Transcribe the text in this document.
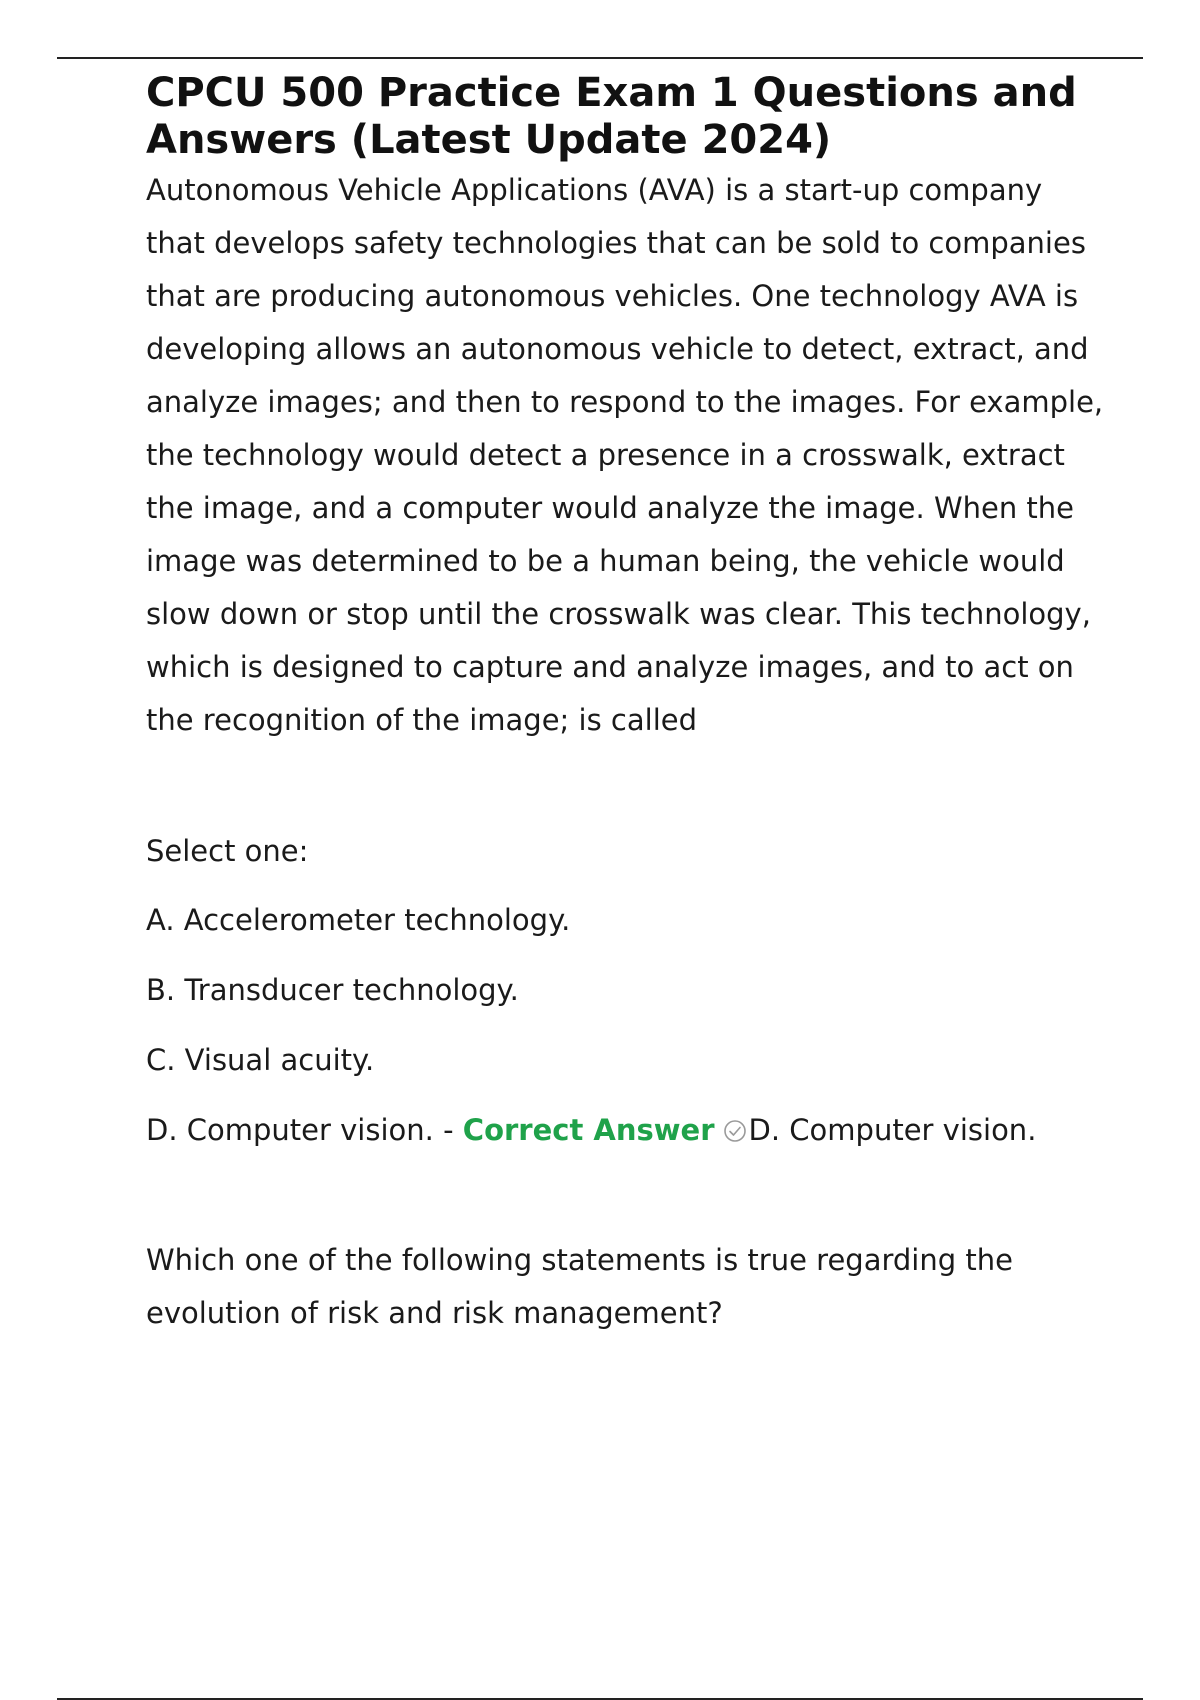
CPCU 500 Practice Exam 1 Questions and Answers (Latest Update 2024)

Autonomous Vehicle Applications (AVA) is a start-up company that develops safety technologies that can be sold to companies that are producing autonomous vehicles. One technology AVA is developing allows an autonomous vehicle to detect, extract, and analyze images; and then to respond to the images. For example, the technology would detect a presence in a crosswalk, extract the image, and a computer would analyze the image. When the image was determined to be a human being, the vehicle would slow down or stop until the crosswalk was clear. This technology, which is designed to capture and analyze images, and to act on the recognition of the image; is called

Select one:
A. Accelerometer technology.
B. Transducer technology.
C. Visual acuity.
D. Computer vision. - Correct Answer D. Computer vision.

Which one of the following statements is true regarding the evolution of risk and risk management?
